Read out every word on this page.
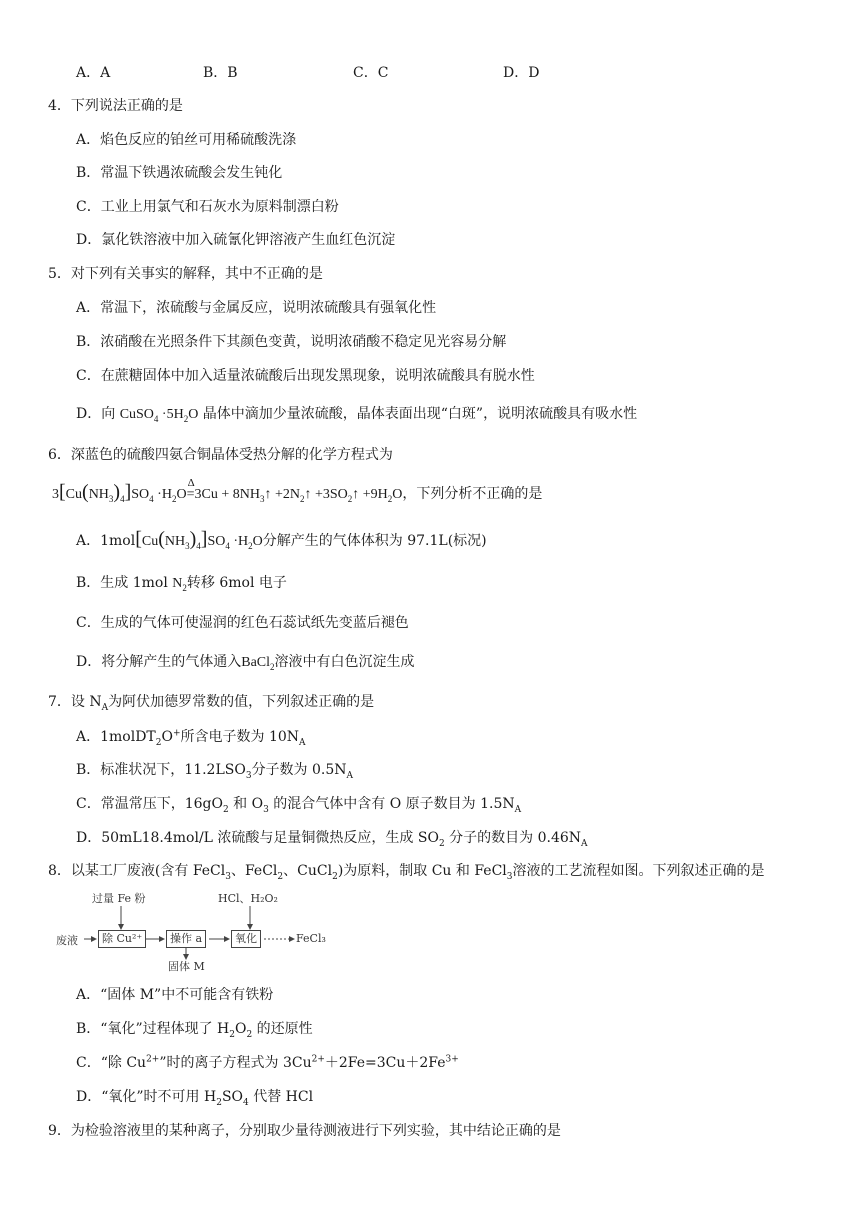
A．A	B．B	C．C	D．D
4．下列说法正确的是
A．焰色反应的铂丝可用稀硫酸洗涤
B．常温下铁遇浓硫酸会发生钝化
C．工业上用氯气和石灰水为原料制漂白粉
D．氯化铁溶液中加入硫氰化钾溶液产生血红色沉淀
5．对下列有关事实的解释，其中不正确的是
A．常温下，浓硫酸与金属反应，说明浓硫酸具有强氧化性
B．浓硝酸在光照条件下其颜色变黄，说明浓硝酸不稳定见光容易分解
C．在蔗糖固体中加入适量浓硫酸后出现发黑现象，说明浓硫酸具有脱水性
D．向 CuSO$_4$ $\cdot 5H_2O$ 晶体中滴加少量浓硫酸，晶体表面出现“白斑”，说明浓硫酸具有吸水性
6．深蓝色的硫酸四氨合铜晶体受热分解的化学方程式为
$3[Cu(NH_3)_4]SO_4 \cdot H_2O$
Δ
$=3Cu + 8NH_3↑$ $+2N_2↑$ $+3SO_2↑ +9H_2O$，下列分析不正确的是
A．$1mol[Cu(NH_3)_4]SO_4 \cdot H_2O$分解产生的气体体积为 97.1L(标况)
B．生成 1mol $N_2$转移 6mol 电子
C．生成的气体可使湿润的红色石蕊试纸先变蓝后褪色
D．将分解产生的气体通入BaCl$_2$溶液中有白色沉淀生成
7．设 $N_A$为阿伏加德罗常数的值，下列叙述正确的是
A．1molDT$_2$O+所含电子数为 $10N_A$
B．标准状况下，$11.2LSO_3$分子数为 $0.5N_A$
C．常温常压下，$16gO_2$ 和 $O_3$ 的混合气体中含有 O 原子数目为 $1.5N_A$
D．50mL18.4mol/L 浓硫酸与足量铜微热反应，生成 $SO_2$ 分子的数目为 $0.46N_A$
8．以某工厂废液(含有 FeCl$_3$、FeCl$_2$、CuCl$_2$)为原料，制取 Cu 和 FeCl$_3$溶液的工艺流程如图。下列叙述正确的是
过量 Fe 粉	HCl、H₂O₂
废液	除 Cu²⁺	操作 a	氧化	FeCl₃
固体 M
A．“固体 M”中不可能含有铁粉
B．“氧化”过程体现了 $H_2O_2$ 的还原性
C．“除 $Cu^{2+}$”时的离子方程式为 $3Cu^{2+}+2Fe=3Cu+2Fe^{3+}$
D．“氧化”时不可用 $H_2SO_4$ 代替 HCl
9．为检验溶液里的某种离子，分别取少量待测液进行下列实验，其中结论正确的是
